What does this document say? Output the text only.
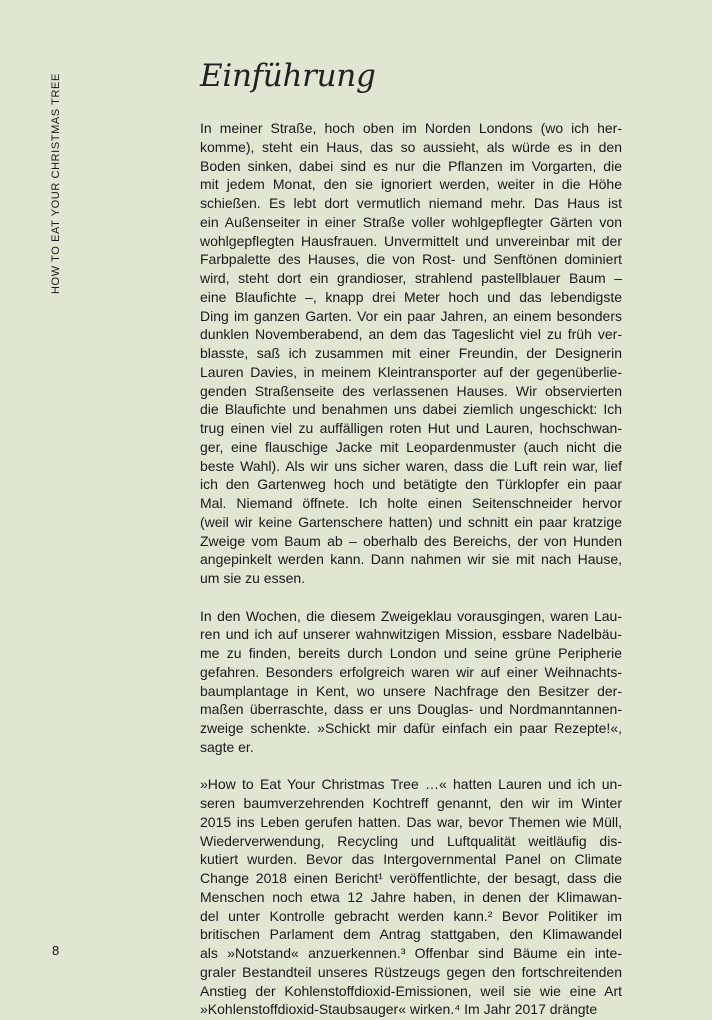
HOW TO EAT YOUR CHRISTMAS TREE	Einführung

In meiner Straße, hoch oben im Norden Londons (wo ich her-
komme), steht ein Haus, das so aussieht, als würde es in den
Boden sinken, dabei sind es nur die Pflanzen im Vorgarten, die
mit jedem Monat, den sie ignoriert werden, weiter in die Höhe
schießen. Es lebt dort vermutlich niemand mehr. Das Haus ist
ein Außenseiter in einer Straße voller wohlgepflegter Gärten von
wohlgepflegten Hausfrauen. Unvermittelt und unvereinbar mit der
Farbpalette des Hauses, die von Rost- und Senftönen dominiert
wird, steht dort ein grandioser, strahlend pastellblauer Baum –
eine Blaufichte –, knapp drei Meter hoch und das lebendigste
Ding im ganzen Garten. Vor ein paar Jahren, an einem besonders
dunklen Novemberabend, an dem das Tageslicht viel zu früh ver-
blasste, saß ich zusammen mit einer Freundin, der Designerin
Lauren Davies, in meinem Kleintransporter auf der gegenüberlie-
genden Straßenseite des verlassenen Hauses. Wir observierten
die Blaufichte und benahmen uns dabei ziemlich ungeschickt: Ich
trug einen viel zu auffälligen roten Hut und Lauren, hochschwan-
ger, eine flauschige Jacke mit Leopardenmuster (auch nicht die
beste Wahl). Als wir uns sicher waren, dass die Luft rein war, lief
ich den Gartenweg hoch und betätigte den Türklopfer ein paar
Mal. Niemand öffnete. Ich holte einen Seitenschneider hervor
(weil wir keine Gartenschere hatten) und schnitt ein paar kratzige
Zweige vom Baum ab – oberhalb des Bereichs, der von Hunden
angepinkelt werden kann. Dann nahmen wir sie mit nach Hause,
um sie zu essen.

In den Wochen, die diesem Zweigeklau vorausgingen, waren Lau-
ren und ich auf unserer wahnwitzigen Mission, essbare Nadelbäu-
me zu finden, bereits durch London und seine grüne Peripherie
gefahren. Besonders erfolgreich waren wir auf einer Weihnachts-
baumplantage in Kent, wo unsere Nachfrage den Besitzer der-
maßen überraschte, dass er uns Douglas- und Nordmanntannen-
zweige schenkte. »Schickt mir dafür einfach ein paar Rezepte!«,
sagte er.

»How to Eat Your Christmas Tree …« hatten Lauren und ich un-
seren baumverzehrenden Kochtreff genannt, den wir im Winter
2015 ins Leben gerufen hatten. Das war, bevor Themen wie Müll,
Wiederverwendung, Recycling und Luftqualität weitläufig dis-
kutiert wurden. Bevor das Intergovernmental Panel on Climate
Change 2018 einen Bericht¹ veröffentlichte, der besagt, dass die
Menschen noch etwa 12 Jahre haben, in denen der Klimawan-
del unter Kontrolle gebracht werden kann.² Bevor Politiker im
britischen Parlament dem Antrag stattgaben, den Klimawandel
als »Notstand« anzuerkennen.³ Offenbar sind Bäume ein inte-
graler Bestandteil unseres Rüstzeugs gegen den fortschreitenden
Anstieg der Kohlenstoffdioxid-Emissionen, weil sie wie eine Art
»Kohlenstoffdioxid-Staubsauger« wirken.⁴ Im Jahr 2017 drängte

8
